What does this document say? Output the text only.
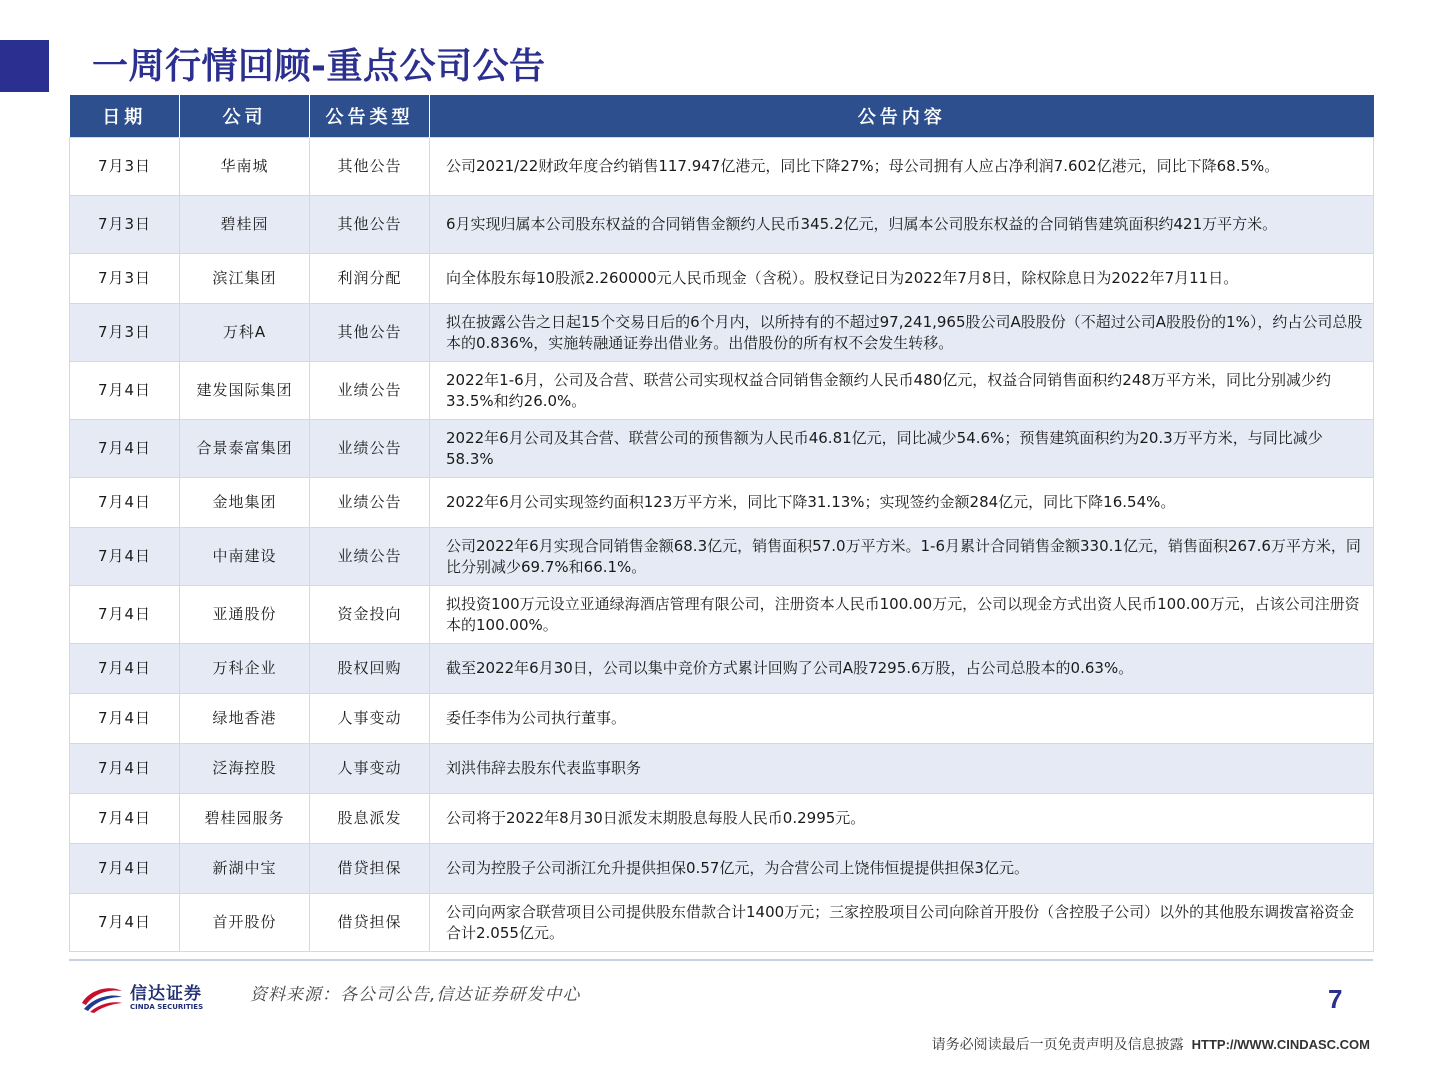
一周行情回顾-重点公司公告
日期	公司	公告类型	公告内容
7月3日	华南城	其他公告	公司2021/22财政年度合约销售117.947亿港元，同比下降27%；母公司拥有人应占净利润7.602亿港元，同比下降68.5%。
7月3日	碧桂园	其他公告	6月实现归属本公司股东权益的合同销售金额约人民币345.2亿元，归属本公司股东权益的合同销售建筑面积约421万平方米。
7月3日	滨江集团	利润分配	向全体股东每10股派2.260000元人民币现金（含税）。股权登记日为2022年7月8日，除权除息日为2022年7月11日。
7月3日	万科A	其他公告	拟在披露公告之日起15个交易日后的6个月内，以所持有的不超过97,241,965股公司A股股份（不超过公司A股股份的1%），约占公司总股本的0.836%，实施转融通证券出借业务。出借股份的所有权不会发生转移。
7月4日	建发国际集团	业绩公告	2022年1-6月，公司及合营、联营公司实现权益合同销售金额约人民币480亿元，权益合同销售面积约248万平方米，同比分别减少约33.5%和约26.0%。
7月4日	合景泰富集团	业绩公告	2022年6月公司及其合营、联营公司的预售额为人民币46.81亿元，同比减少54.6%；预售建筑面积约为20.3万平方米，与同比减少58.3%
7月4日	金地集团	业绩公告	2022年6月公司实现签约面积123万平方米，同比下降31.13%；实现签约金额284亿元，同比下降16.54%。
7月4日	中南建设	业绩公告	公司2022年6月实现合同销售金额68.3亿元，销售面积57.0万平方米。1-6月累计合同销售金额330.1亿元，销售面积267.6万平方米，同比分别减少69.7%和66.1%。
7月4日	亚通股份	资金投向	拟投资100万元设立亚通绿海酒店管理有限公司，注册资本人民币100.00万元，公司以现金方式出资人民币100.00万元，占该公司注册资本的100.00%。
7月4日	万科企业	股权回购	截至2022年6月30日，公司以集中竞价方式累计回购了公司A股7295.6万股，占公司总股本的0.63%。
7月4日	绿地香港	人事变动	委任李伟为公司执行董事。
7月4日	泛海控股	人事变动	刘洪伟辞去股东代表监事职务
7月4日	碧桂园服务	股息派发	公司将于2022年8月30日派发末期股息每股人民币0.2995元。
7月4日	新湖中宝	借贷担保	公司为控股子公司浙江允升提供担保0.57亿元，为合营公司上饶伟恒提提供担保3亿元。
7月4日	首开股份	借贷担保	公司向两家合联营项目公司提供股东借款合计1400万元；三家控股项目公司向除首开股份（含控股子公司）以外的其他股东调拨富裕资金合计2.055亿元。
信达证券
CINDA SECURITIES
资料来源：各公司公告,信达证券研发中心	7
请务必阅读最后一页免责声明及信息披露 HTTP://WWW.CINDASC.COM
